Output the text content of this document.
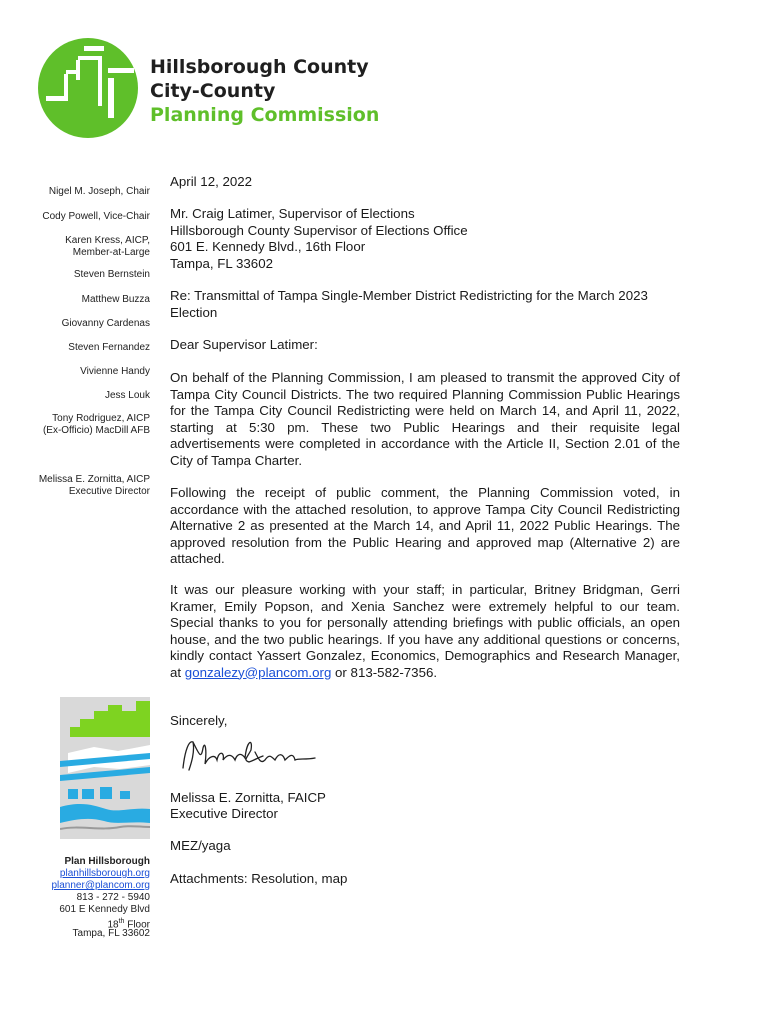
Hillsborough County
City-County
Planning Commission
Nigel M. Joseph, Chair
Cody Powell, Vice-Chair
Karen Kress, AICP,
Member-at-Large
Steven Bernstein
Matthew Buzza
Giovanny Cardenas
Steven Fernandez
Vivienne Handy
Jess Louk
Tony Rodriguez, AICP
(Ex-Officio) MacDill AFB
Melissa E. Zornitta, AICP
Executive Director
April 12, 2022
Mr. Craig Latimer, Supervisor of Elections
Hillsborough County Supervisor of Elections Office
601 E. Kennedy Blvd., 16th Floor
Tampa, FL 33602
Re: Transmittal of Tampa Single-Member District Redistricting for the March 2023 Election
Dear Supervisor Latimer:
On behalf of the Planning Commission, I am pleased to transmit the approved City of Tampa City Council Districts. The two required Planning Commission Public Hearings for the Tampa City Council Redistricting were held on March 14, and April 11, 2022, starting at 5:30 pm. These two Public Hearings and their requisite legal advertisements were completed in accordance with the Article II, Section 2.01 of the City of Tampa Charter.
Following the receipt of public comment, the Planning Commission voted, in accordance with the attached resolution, to approve Tampa City Council Redistricting Alternative 2 as presented at the March 14, and April 11, 2022 Public Hearings. The approved resolution from the Public Hearing and approved map (Alternative 2) are attached.
It was our pleasure working with your staff; in particular, Britney Bridgman, Gerri Kramer, Emily Popson, and Xenia Sanchez were extremely helpful to our team. Special thanks to you for personally attending briefings with public officials, an open house, and the two public hearings. If you have any additional questions or concerns, kindly contact Yassert Gonzalez, Economics, Demographics and Research Manager, at gonzalezy@plancom.org or 813-582-7356.
Sincerely,
Melissa E. Zornitta, FAICP
Executive Director
MEZ/yaga
Attachments: Resolution, map
Plan Hillsborough
planhillsborough.org
planner@plancom.org
813 - 272 - 5940
601 E Kennedy Blvd
18th Floor
Tampa, FL 33602
